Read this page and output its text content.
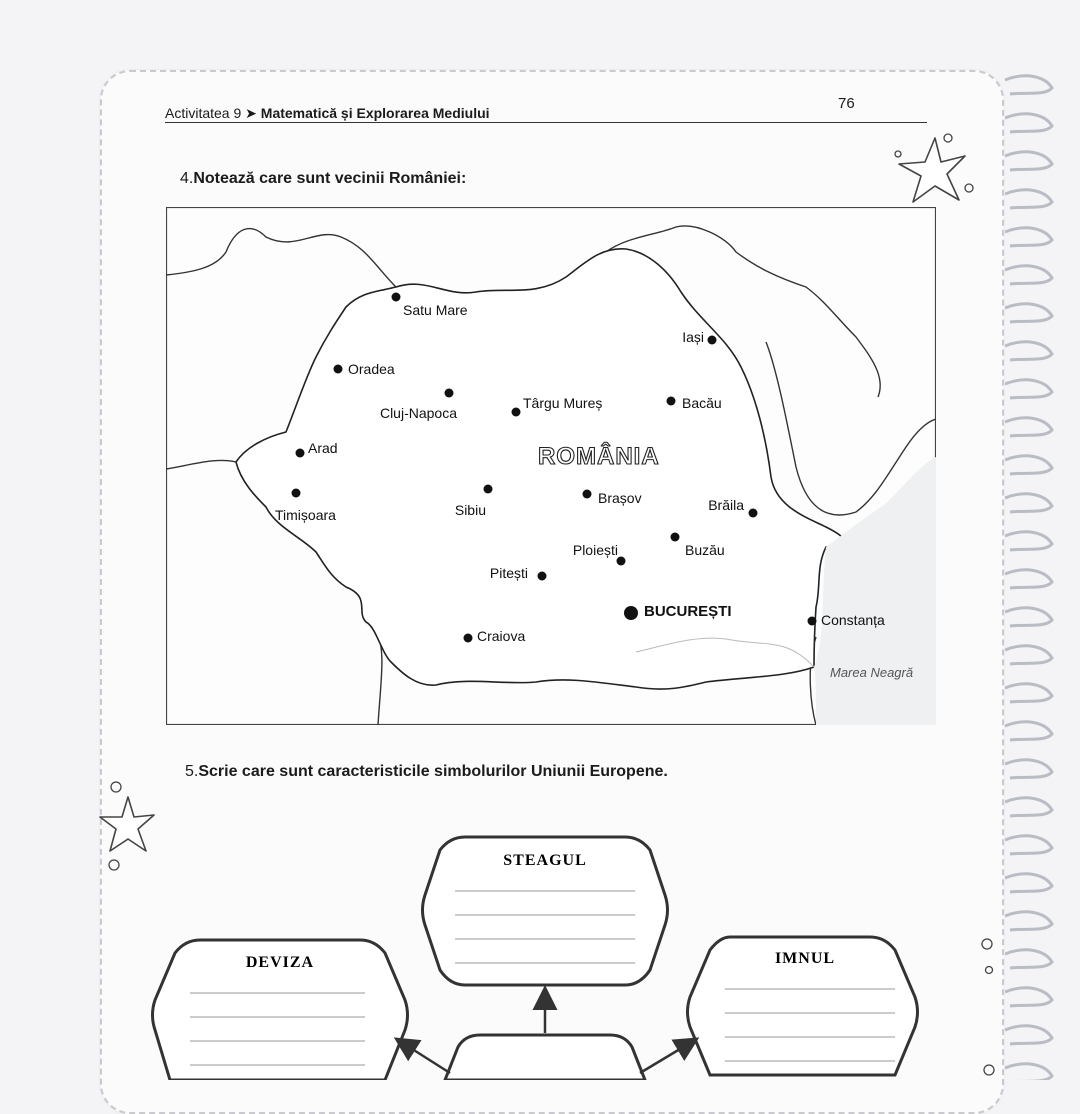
Activitatea 9 ➤ Matematică și Explorarea Mediului
76
4.Notează care sunt vecinii României:
Satu Mare
Oradea
Cluj-Napoca
Târgu Mureș
Iași
Bacău
Arad
Timișoara	Sibiu
Brașov	Brăila
Ploiești	Buzău
Pitești
BUCUREȘTI	Constanța
Craiova
ROMÂNIA
Marea Neagră
5.Scrie care sunt caracteristicile simbolurilor Uniunii Europene.
STEAGUL
DEVIZA	IMNUL
